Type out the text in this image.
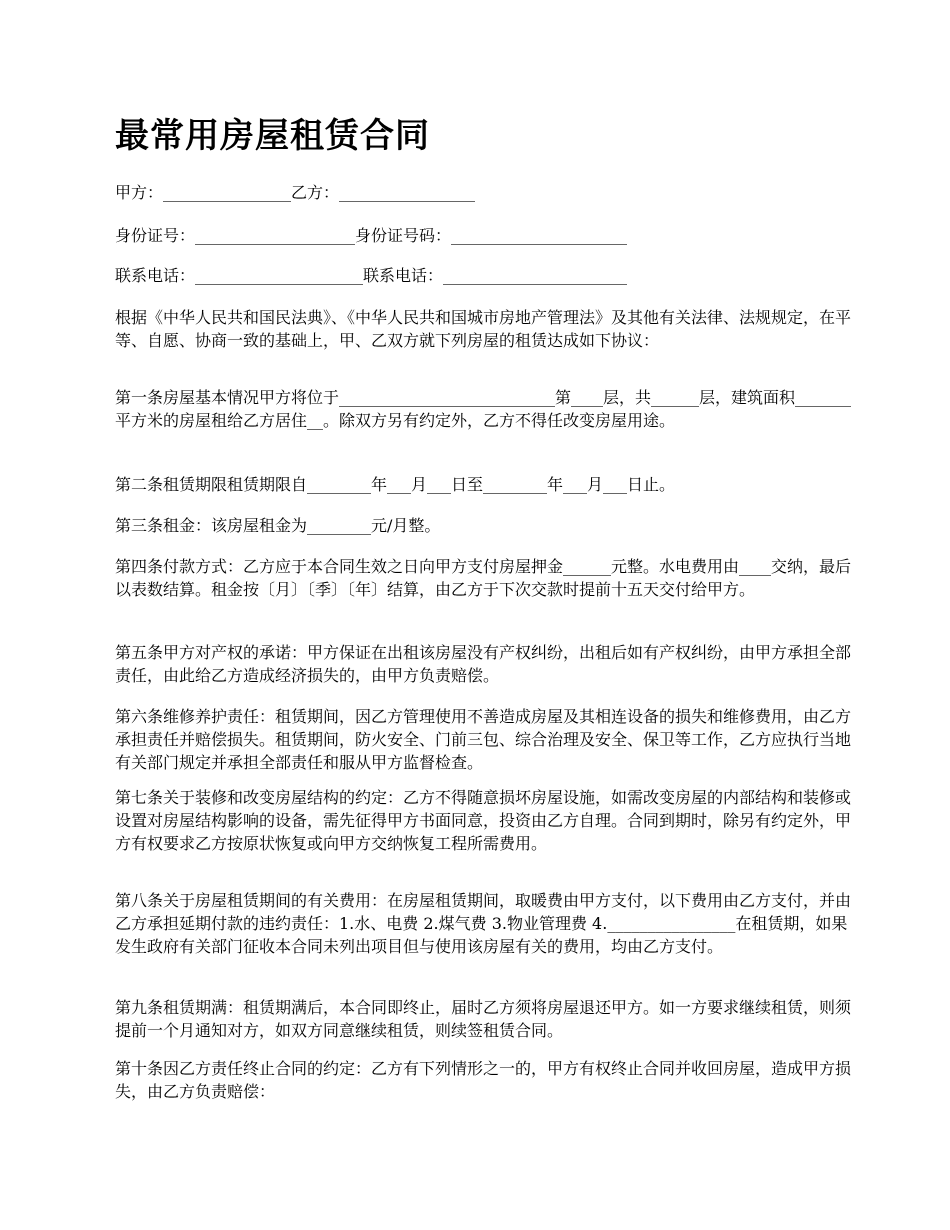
最常用房屋租赁合同

甲方：________________乙方：_________________

身份证号：____________________身份证号码：______________________

联系电话：_____________________联系电话：_______________________

根据《中华人民共和国民法典》、《中华人民共和国城市房地产管理法》及其他有关法律、法规规定，在平等、自愿、协商一致的基础上，甲、乙双方就下列房屋的租赁达成如下协议：

第一条房屋基本情况甲方将位于___________________________第____层，共______层，建筑面积_______平方米的房屋租给乙方居住__。除双方另有约定外，乙方不得任改变房屋用途。

第二条租赁期限租赁期限自________年___月___日至________年___月___日止。

第三条租金：该房屋租金为________元/月整。

第四条付款方式：乙方应于本合同生效之日向甲方支付房屋押金______元整。水电费用由____交纳，最后以表数结算。租金按〔月〕〔季〕〔年〕结算，由乙方于下次交款时提前十五天交付给甲方。

第五条甲方对产权的承诺：甲方保证在出租该房屋没有产权纠纷，出租后如有产权纠纷，由甲方承担全部责任，由此给乙方造成经济损失的，由甲方负责赔偿。

第六条维修养护责任：租赁期间，因乙方管理使用不善造成房屋及其相连设备的损失和维修费用，由乙方承担责任并赔偿损失。租赁期间，防火安全、门前三包、综合治理及安全、保卫等工作，乙方应执行当地有关部门规定并承担全部责任和服从甲方监督检查。

第七条关于装修和改变房屋结构的约定：乙方不得随意损坏房屋设施，如需改变房屋的内部结构和装修或设置对房屋结构影响的设备，需先征得甲方书面同意，投资由乙方自理。合同到期时，除另有约定外，甲方有权要求乙方按原状恢复或向甲方交纳恢复工程所需费用。

第八条关于房屋租赁期间的有关费用：在房屋租赁期间，取暖费由甲方支付，以下费用由乙方支付，并由乙方承担延期付款的违约责任：1.水、电费 2.煤气费 3.物业管理费 4.________________在租赁期，如果发生政府有关部门征收本合同未列出项目但与使用该房屋有关的费用，均由乙方支付。

第九条租赁期满：租赁期满后，本合同即终止，届时乙方须将房屋退还甲方。如一方要求继续租赁，则须提前一个月通知对方，如双方同意继续租赁，则续签租赁合同。

第十条因乙方责任终止合同的约定：乙方有下列情形之一的，甲方有权终止合同并收回房屋，造成甲方损失，由乙方负责赔偿：
